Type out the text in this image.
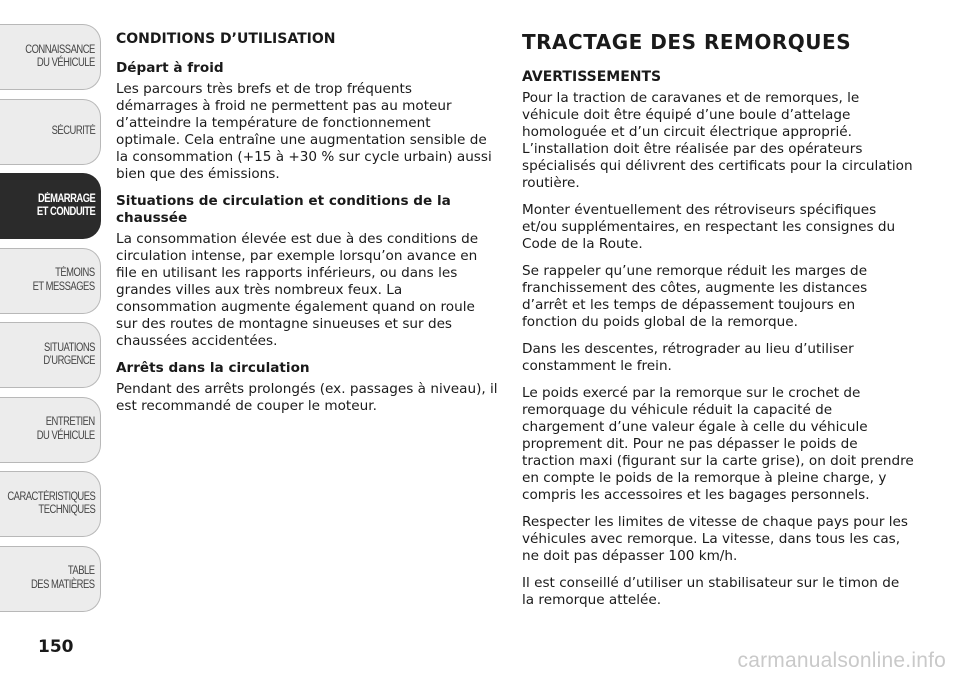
CONNAISSANCE
DU VÉHICULE
SÉCURITÉ
DÉMARRAGE
ET CONDUITE
TÉMOINS
ET MESSAGES
SITUATIONS
D’URGENCE
ENTRETIEN
DU VÉHICULE
CARACTÉRISTIQUES
TECHNIQUES
TABLE
DES MATIÈRES
150
CONDITIONS D’UTILISATION
Départ à froid

Les parcours très brefs et de trop fréquents démarrages à froid ne permettent pas au moteur d’atteindre la température de fonctionnement optimale. Cela entraîne une augmentation sensible de la consommation (+15 à +30 % sur cycle urbain) aussi bien que des émissions.

Situations de circulation et conditions de la chaussée

La consommation élevée est due à des conditions de circulation intense, par exemple lorsqu’on avance en file en utilisant les rapports inférieurs, ou dans les grandes villes aux très nombreux feux. La consommation augmente également quand on roule sur des routes de montagne sinueuses et sur des chaussées accidentées.

Arrêts dans la circulation

Pendant des arrêts prolongés (ex. passages à niveau), il est recommandé de couper le moteur.

TRACTAGE DES REMORQUES
AVERTISSEMENTS

Pour la traction de caravanes et de remorques, le véhicule doit être équipé d’une boule d’attelage homologuée et d’un circuit électrique approprié. L’installation doit être réalisée par des opérateurs spécialisés qui délivrent des certificats pour la circulation routière.

Monter éventuellement des rétroviseurs spécifiques et/ou supplémentaires, en respectant les consignes du Code de la Route.

Se rappeler qu’une remorque réduit les marges de franchissement des côtes, augmente les distances d’arrêt et les temps de dépassement toujours en fonction du poids global de la remorque.

Dans les descentes, rétrograder au lieu d’utiliser constamment le frein.

Le poids exercé par la remorque sur le crochet de remorquage du véhicule réduit la capacité de chargement d’une valeur égale à celle du véhicule proprement dit. Pour ne pas dépasser le poids de traction maxi (figurant sur la carte grise), on doit prendre en compte le poids de la remorque à pleine charge, y compris les accessoires et les bagages personnels.

Respecter les limites de vitesse de chaque pays pour les véhicules avec remorque. La vitesse, dans tous les cas, ne doit pas dépasser 100 km/h.

Il est conseillé d’utiliser un stabilisateur sur le timon de la remorque attelée.

carmanualsonline.info
